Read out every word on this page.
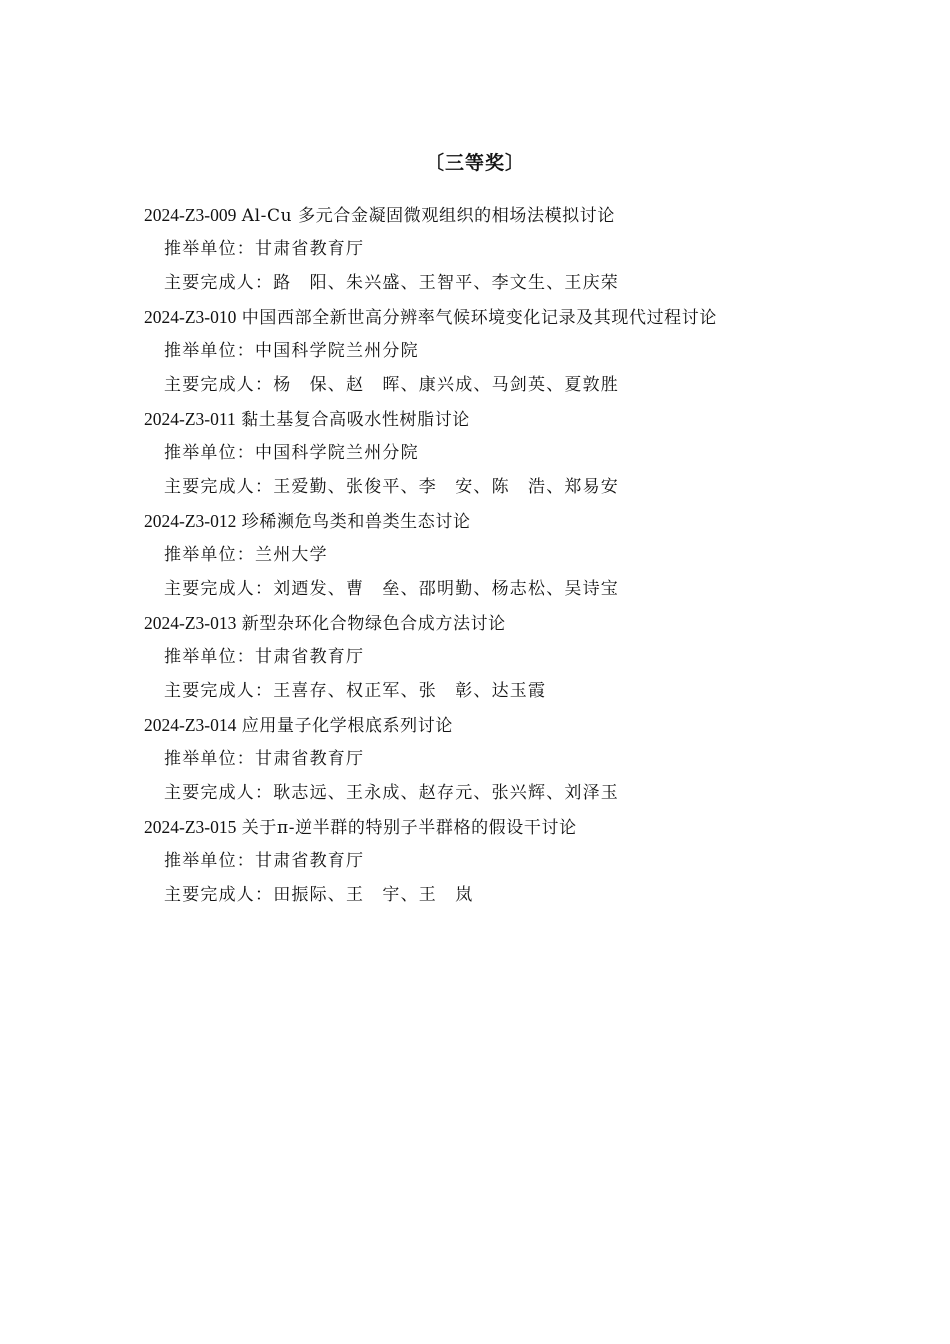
〔三等奖〕
2024-Z3-009 Al-Cu 多元合金凝固微观组织的相场法模拟讨论
推举单位：甘肃省教育厅
主要完成人：路　阳、朱兴盛、王智平、李文生、王庆荣
2024-Z3-010 中国西部全新世高分辨率气候环境变化记录及其现代过程讨论
推举单位：中国科学院兰州分院
主要完成人：杨　保、赵　晖、康兴成、马剑英、夏敦胜
2024-Z3-011 黏土基复合高吸水性树脂讨论
推举单位：中国科学院兰州分院
主要完成人：王爱勤、张俊平、李　安、陈　浩、郑易安
2024-Z3-012 珍稀濒危鸟类和兽类生态讨论
推举单位：兰州大学
主要完成人：刘迺发、曹　垒、邵明勤、杨志松、吴诗宝
2024-Z3-013 新型杂环化合物绿色合成方法讨论
推举单位：甘肃省教育厅
主要完成人：王喜存、权正军、张　彰、达玉霞
2024-Z3-014 应用量子化学根底系列讨论
推举单位：甘肃省教育厅
主要完成人：耿志远、王永成、赵存元、张兴辉、刘泽玉
2024-Z3-015 关于π-逆半群的特别子半群格的假设干讨论
推举单位：甘肃省教育厅
主要完成人：田振际、王　宇、王　岚
